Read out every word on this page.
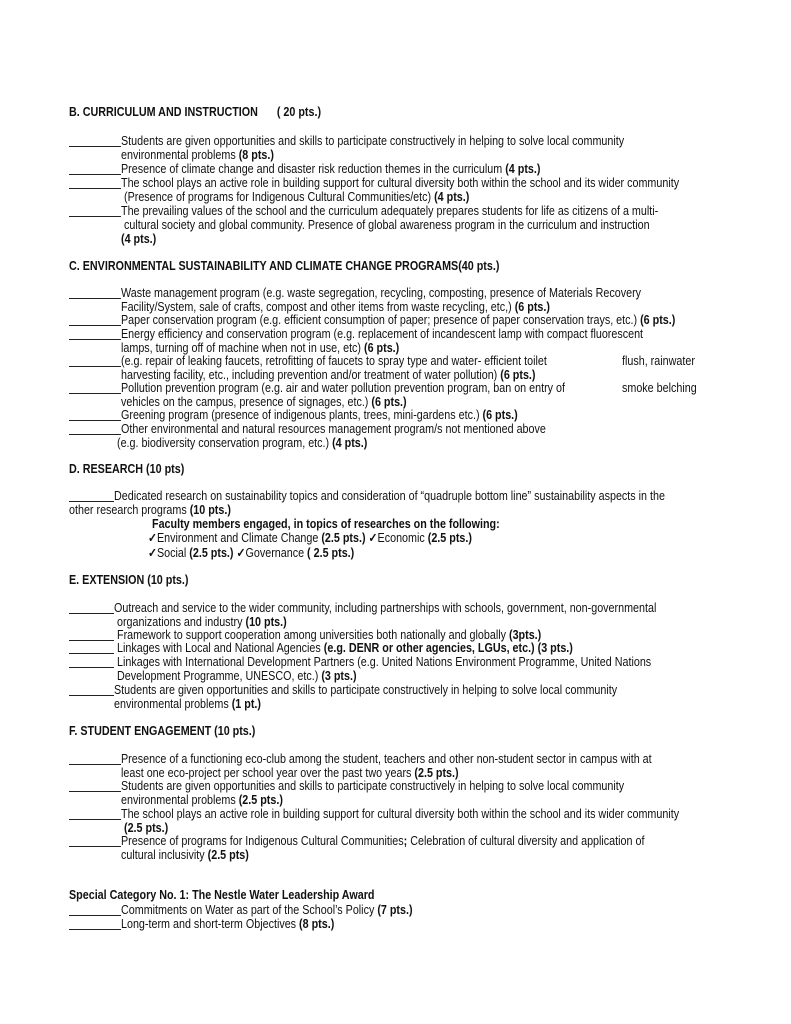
B. CURRICULUM AND INSTRUCTION ( 20 pts.)
Students are given opportunities and skills to participate constructively in helping to solve local community
environmental problems (8 pts.)
Presence of climate change and disaster risk reduction themes in the curriculum (4 pts.)
The school plays an active role in building support for cultural diversity both within the school and its wider community
(Presence of programs for Indigenous Cultural Communities/etc) (4 pts.)
The prevailing values of the school and the curriculum adequately prepares students for life as citizens of a multi-
cultural society and global community. Presence of global awareness program in the curriculum and instruction
(4 pts.)
C. ENVIRONMENTAL SUSTAINABILITY AND CLIMATE CHANGE PROGRAMS(40 pts.)
Waste management program (e.g. waste segregation, recycling, composting, presence of Materials Recovery
Facility/System, sale of crafts, compost and other items from waste recycling, etc,) (6 pts.)
Paper conservation program (e.g. efficient consumption of paper; presence of paper conservation trays, etc.) (6 pts.)
Energy efficiency and conservation program (e.g. replacement of incandescent lamp with compact fluorescent
lamps, turning off of machine when not in use, etc) (6 pts.)
(e.g. repair of leaking faucets, retrofitting of faucets to spray type and water- efficient toilet	flush, rainwater
harvesting facility, etc., including prevention and/or treatment of water pollution) (6 pts.)
Pollution prevention program (e.g. air and water pollution prevention program, ban on entry of	smoke belching
vehicles on the campus, presence of signages, etc.) (6 pts.)
Greening program (presence of indigenous plants, trees, mini-gardens etc.) (6 pts.)
Other environmental and natural resources management program/s not mentioned above
(e.g. biodiversity conservation program, etc.) (4 pts.)
D. RESEARCH (10 pts)
Dedicated research on sustainability topics and consideration of “quadruple bottom line” sustainability aspects in the
other research programs (10 pts.)
Faculty members engaged, in topics of researches on the following:
✓Environment and Climate Change (2.5 pts.) ✓Economic (2.5 pts.)
✓Social (2.5 pts.) ✓Governance ( 2.5 pts.)
E. EXTENSION (10 pts.)
Outreach and service to the wider community, including partnerships with schools, government, non-governmental
organizations and industry (10 pts.)
Framework to support cooperation among universities both nationally and globally (3pts.)
Linkages with Local and National Agencies (e.g. DENR or other agencies, LGUs, etc.) (3 pts.)
Linkages with International Development Partners (e.g. United Nations Environment Programme, United Nations
Development Programme, UNESCO, etc.) (3 pts.)
Students are given opportunities and skills to participate constructively in helping to solve local community
environmental problems (1 pt.)
F. STUDENT ENGAGEMENT (10 pts.)
Presence of a functioning eco-club among the student, teachers and other non-student sector in campus with at
least one eco-project per school year over the past two years (2.5 pts.)
Students are given opportunities and skills to participate constructively in helping to solve local community
environmental problems (2.5 pts.)
The school plays an active role in building support for cultural diversity both within the school and its wider community
(2.5 pts.)
Presence of programs for Indigenous Cultural Communities; Celebration of cultural diversity and application of
cultural inclusivity (2.5 pts)
Special Category No. 1: The Nestle Water Leadership Award
Commitments on Water as part of the School’s Policy (7 pts.)
Long-term and short-term Objectives (8 pts.)
